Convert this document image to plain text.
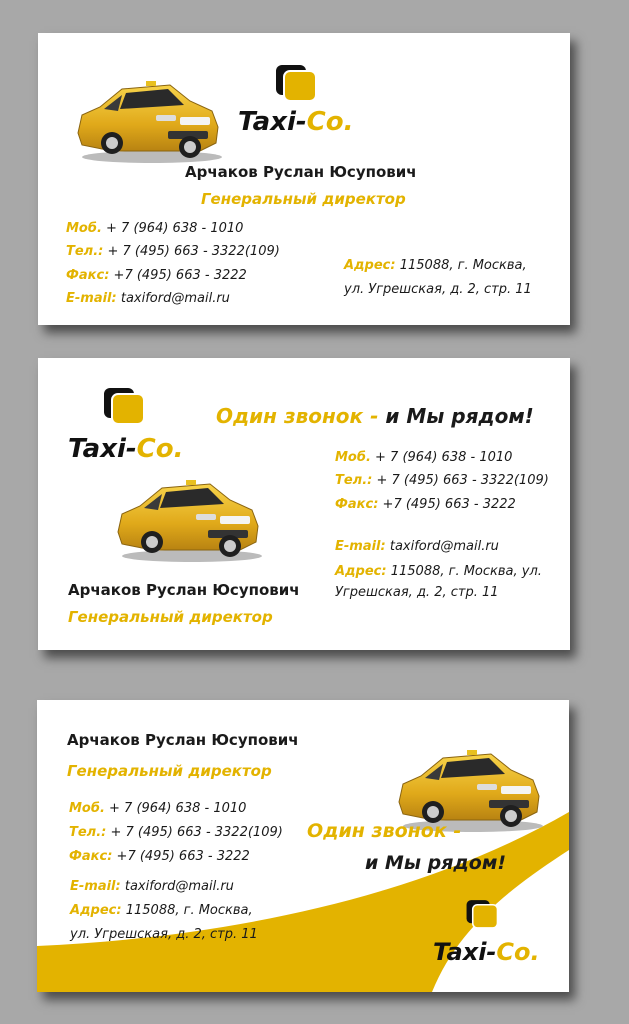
Taxi-Co.
Арчаков Руслан Юсупович
Генеральный директор
Моб. + 7 (964) 638 - 1010
Тел.: + 7 (495) 663 - 3322(109)
Факс: +7 (495) 663 - 3222
E-mail: taxiford@mail.ru
Адрес: 115088, г. Москва,
ул. Угрешская, д. 2, стр. 11
Taxi-Co.
Один звонок - и Мы рядом!
Моб. + 7 (964) 638 - 1010
Тел.: + 7 (495) 663 - 3322(109)
Факс: +7 (495) 663 - 3222
E-mail: taxiford@mail.ru
Адрес: 115088, г. Москва, ул.
Угрешская, д. 2, стр. 11
Арчаков Руслан Юсупович
Генеральный директор
Арчаков Руслан Юсупович
Генеральный директор
Моб. + 7 (964) 638 - 1010
Тел.: + 7 (495) 663 - 3322(109)
Факс: +7 (495) 663 - 3222
E-mail: taxiford@mail.ru
Адрес: 115088, г. Москва,
ул. Угрешская, д. 2, стр. 11
Один звонок -
и Мы рядом!
Taxi-Co.
